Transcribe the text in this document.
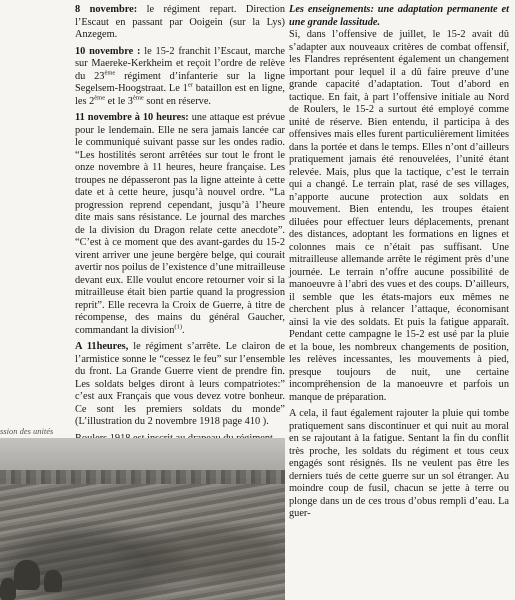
8 novembre: le régiment repart. Direction l’Escaut en passant par Ooigein (sur la Lys) Anzegem.

10 novembre : le 15-2 franchit l’Escaut, marche sur Maereke-Kerkheim et reçoit l’ordre de relève du 23ème régiment d’infanterie sur la ligne Segelsem-Hoogstraat. Le 1er bataillon est en ligne, les 2ème et le 3ème sont en réserve.

11 novembre à 10 heures: une attaque est prévue pour le lendemain. Elle ne sera jamais lancée car le communiqué suivant passe sur les ondes radio. “Les hostilités seront arrêtées sur tout le front le onze novembre à 11 heures, heure française. Les troupes ne dépasseront pas la ligne atteinte à cette date et à cette heure, jusqu’à nouvel ordre. “La progression reprend cependant, jusqu’à l’heure dite mais sans résistance. Le journal des marches de la division du Dragon relate cette anecdote”. “C’est à ce moment que des avant-gardes du 15-2 virent arriver une jeune bergère belge, qui courait avertir nos poilus de l’existence d’une mitrailleuse devant eux. Elle voulut encore retourner voir si la mitrailleuse était bien partie quand la progression reprit”. Elle recevra la Croix de Guerre, à titre de récompense, des mains du général Gaucher, commandant la division$^{(1)}$.

A 11heures, le régiment s’arrête. Le clairon de l’armistice sonne le “cessez le feu” sur l’ensemble du front. La Grande Guerre vient de prendre fin. Les soldats belges diront à leurs compatriotes:” c’est aux Français que vous devez votre bonheur. Ce sont les premiers soldats du monde” (L’illustration du 2 novembre 1918 page 410 ).

ssion des unités

Les enseignements: une adaptation permanente et une grande lassitude.

Si, dans l’offensive de juillet, le 15-2 avait dû s’adapter aux nouveaux critères de combat offensif, les Flandres représentent également un changement important pour lequel il a dû faire preuve d’une grande capacité d’adaptation. Tout d’abord en tactique. En fait, à part l’offensive initiale au Nord de Roulers, le 15-2 a surtout été employé comme unité de réserve. Bien entendu, il participa à des offensives mais elles furent particulièrement limitées dans la portée et dans le temps. Elles n’ont d’ailleurs pratiquement jamais été renouvelées, l’unité étant relevée. Mais, plus que la tactique, c’est le terrain qui a changé. Le terrain plat, rasé de ses villages, n’apporte aucune protection aux soldats en mouvement. Bien entendu, les troupes étaient diluées pour effectuer leurs déplacements, prenant des distances, adoptant les formations en lignes et colonnes mais ce n’était pas suffisant. Une mitrailleuse allemande arrête le régiment près d’une journée. Le terrain n’offre aucune possibilité de manoeuvre à l’abri des vues et des coups. D’ailleurs, il semble que les états-majors eux mêmes ne cherchent plus à relancer l’attaque, économisant ainsi la vie des soldats. Et puis la fatigue apparaît. Pendant cette campagne le 15-2 est usé par la pluie et la boue, les nombreux changements de position, les relèves incessantes, les mouvements à pied, presque toujours de nuit, une certaine incompréhension de la manoeuvre et parfois un manque de préparation.

A cela, il faut également rajouter la pluie qui tombe pratiquement sans discontinuer et qui nuit au moral en se rajoutant à la fatigue. Sentant la fin du conflit très proche, les soldats du régiment et tous ceux engagés sont résignés. Ils ne veulent pas être les derniers tués de cette guerre sur un sol étranger. Au moindre coup de fusil, chacun se jette à terre ou plonge dans un de ces trous d’obus rempli d’eau. La guer-
